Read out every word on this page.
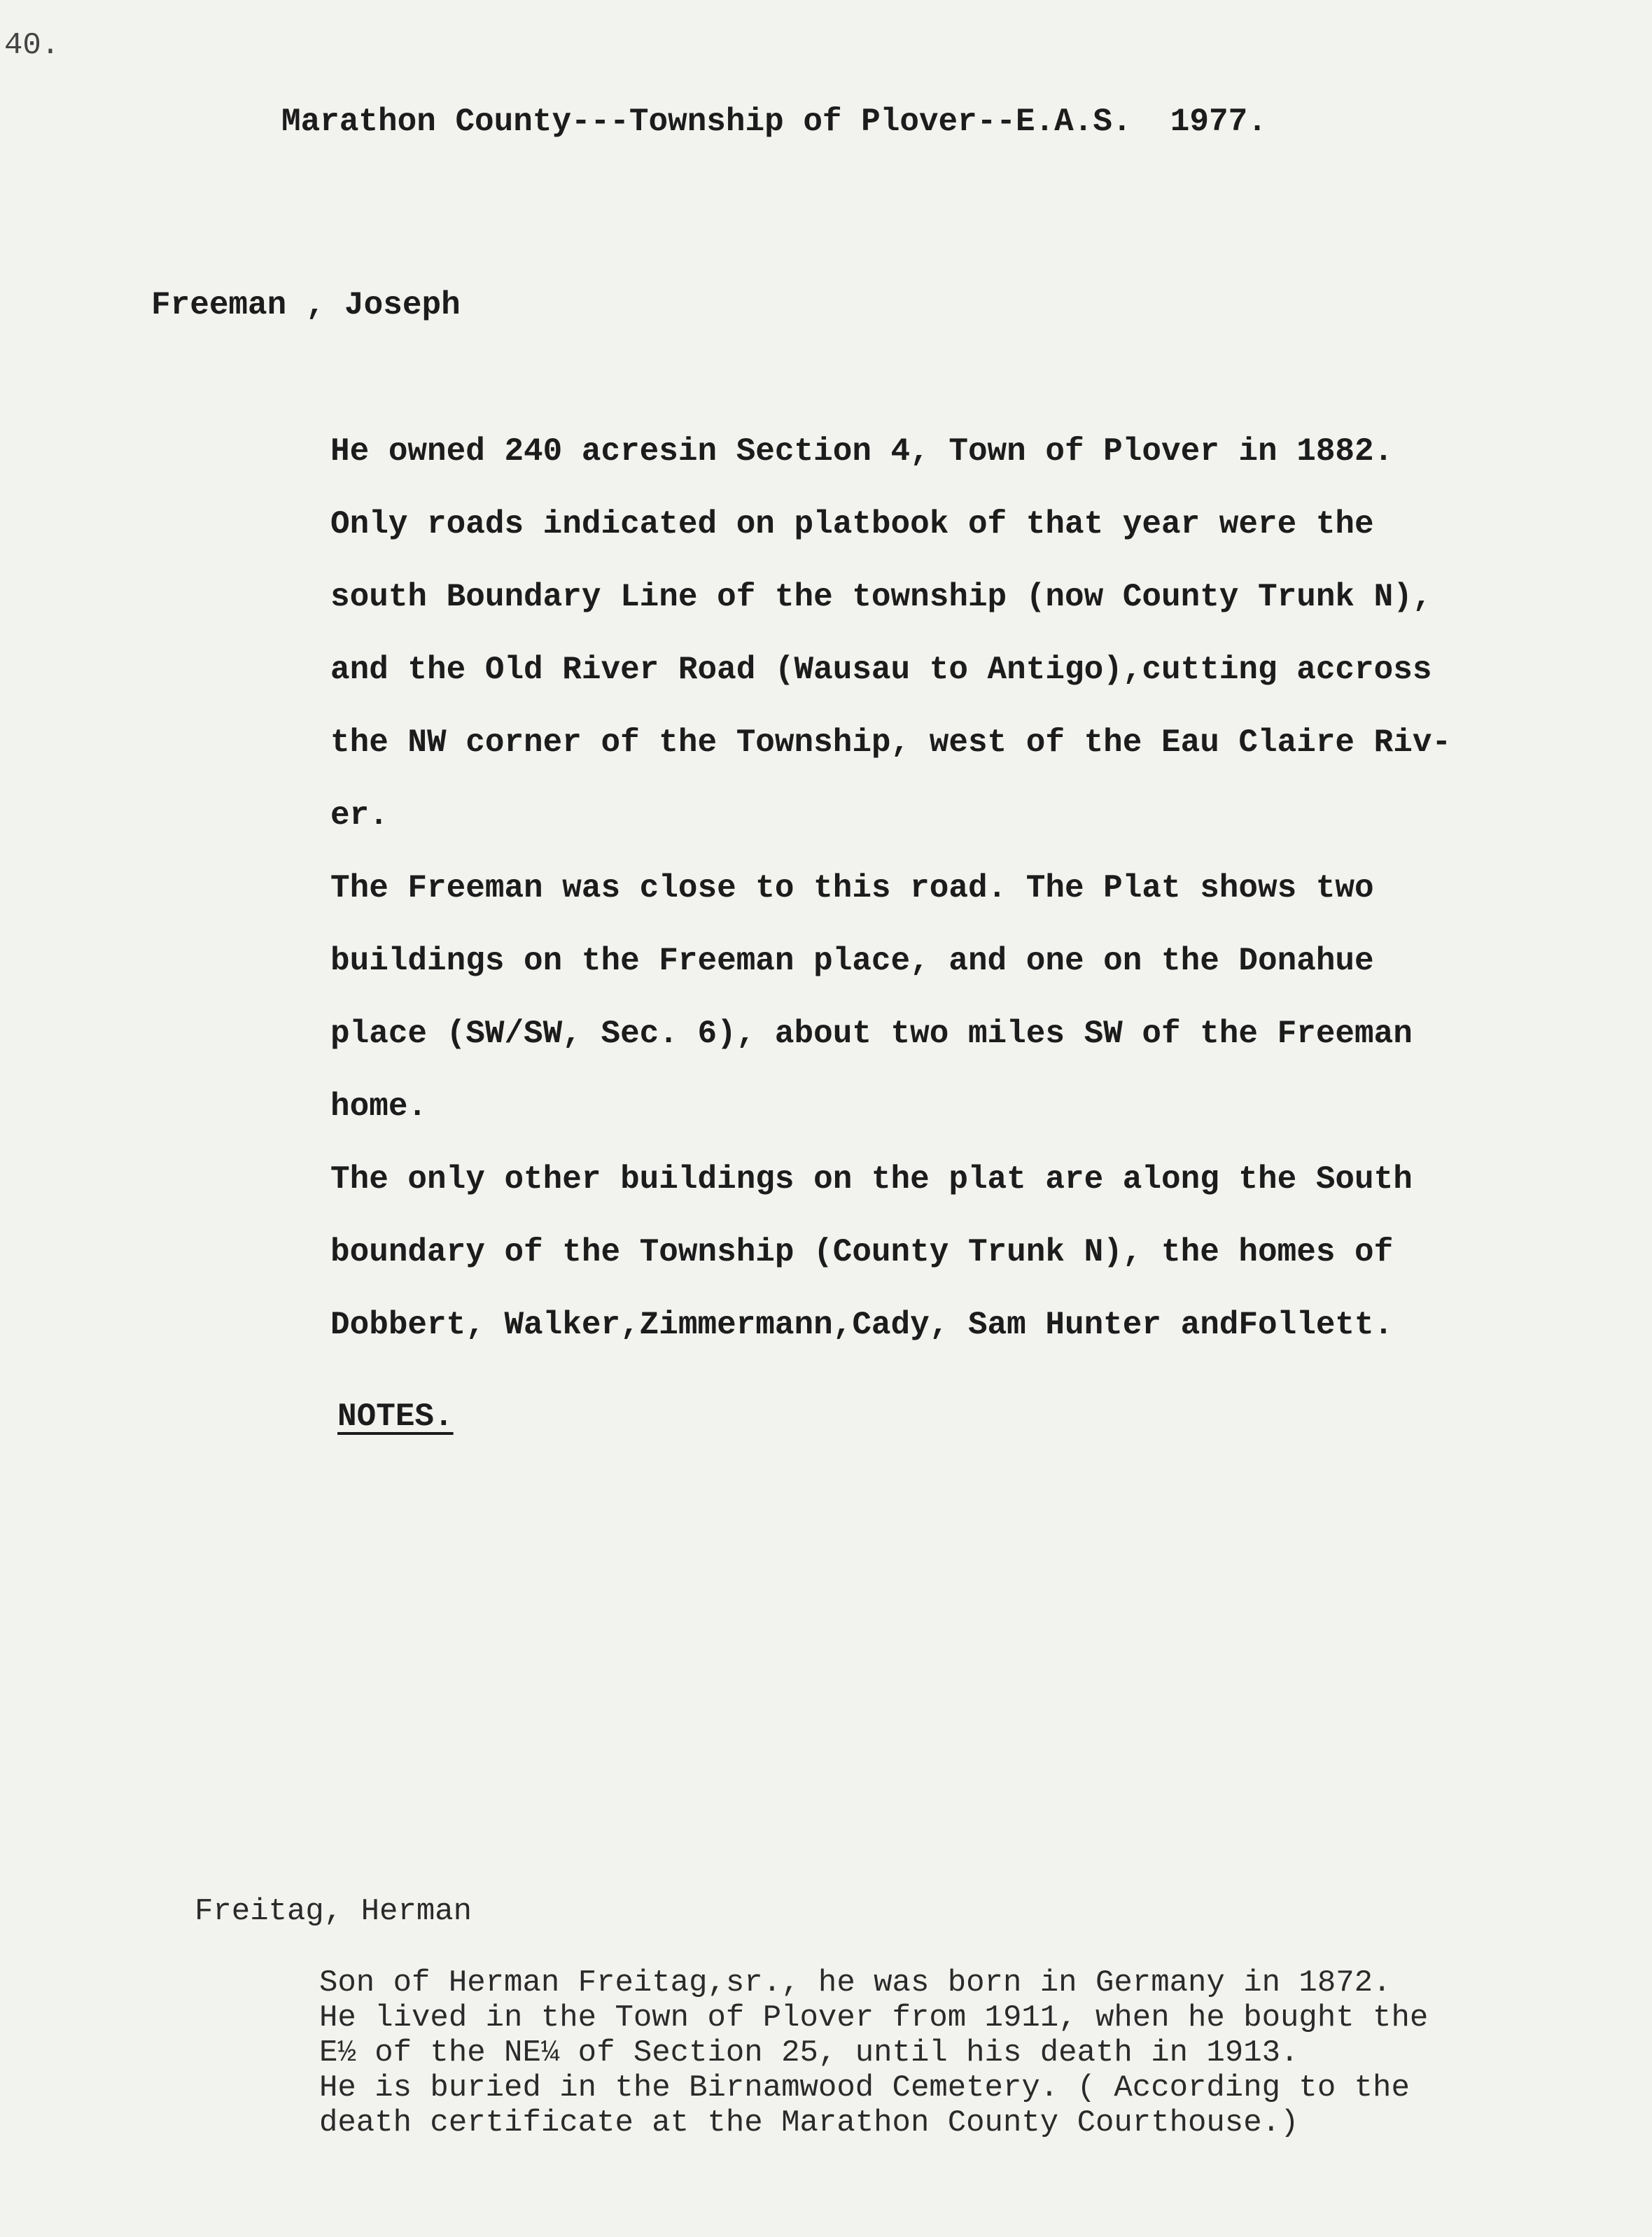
40.
Marathon County---Township of Plover--E.A.S.  1977.
Freeman , Joseph
He owned 240 acresin Section 4, Town of Plover in 1882.
Only roads indicated on platbook of that year were the
south Boundary Line of the township (now County Trunk N),
and the Old River Road (Wausau to Antigo),cutting accross
the NW corner of the Township, west of the Eau Claire Riv-
er.
The Freeman was close to this road. The Plat shows two
buildings on the Freeman place, and one on the Donahue
place (SW/SW, Sec. 6), about two miles SW of the Freeman
home.
The only other buildings on the plat are along the South
boundary of the Township (County Trunk N), the homes of
Dobbert, Walker,Zimmermann,Cady, Sam Hunter andFollett.
NOTES.
Freitag, Herman
Son of Herman Freitag,sr., he was born in Germany in 1872.
He lived in the Town of Plover from 1911, when he bought the
E½ of the NE¼ of Section 25, until his death in 1913.
He is buried in the Birnamwood Cemetery. ( According to the
death certificate at the Marathon County Courthouse.)
